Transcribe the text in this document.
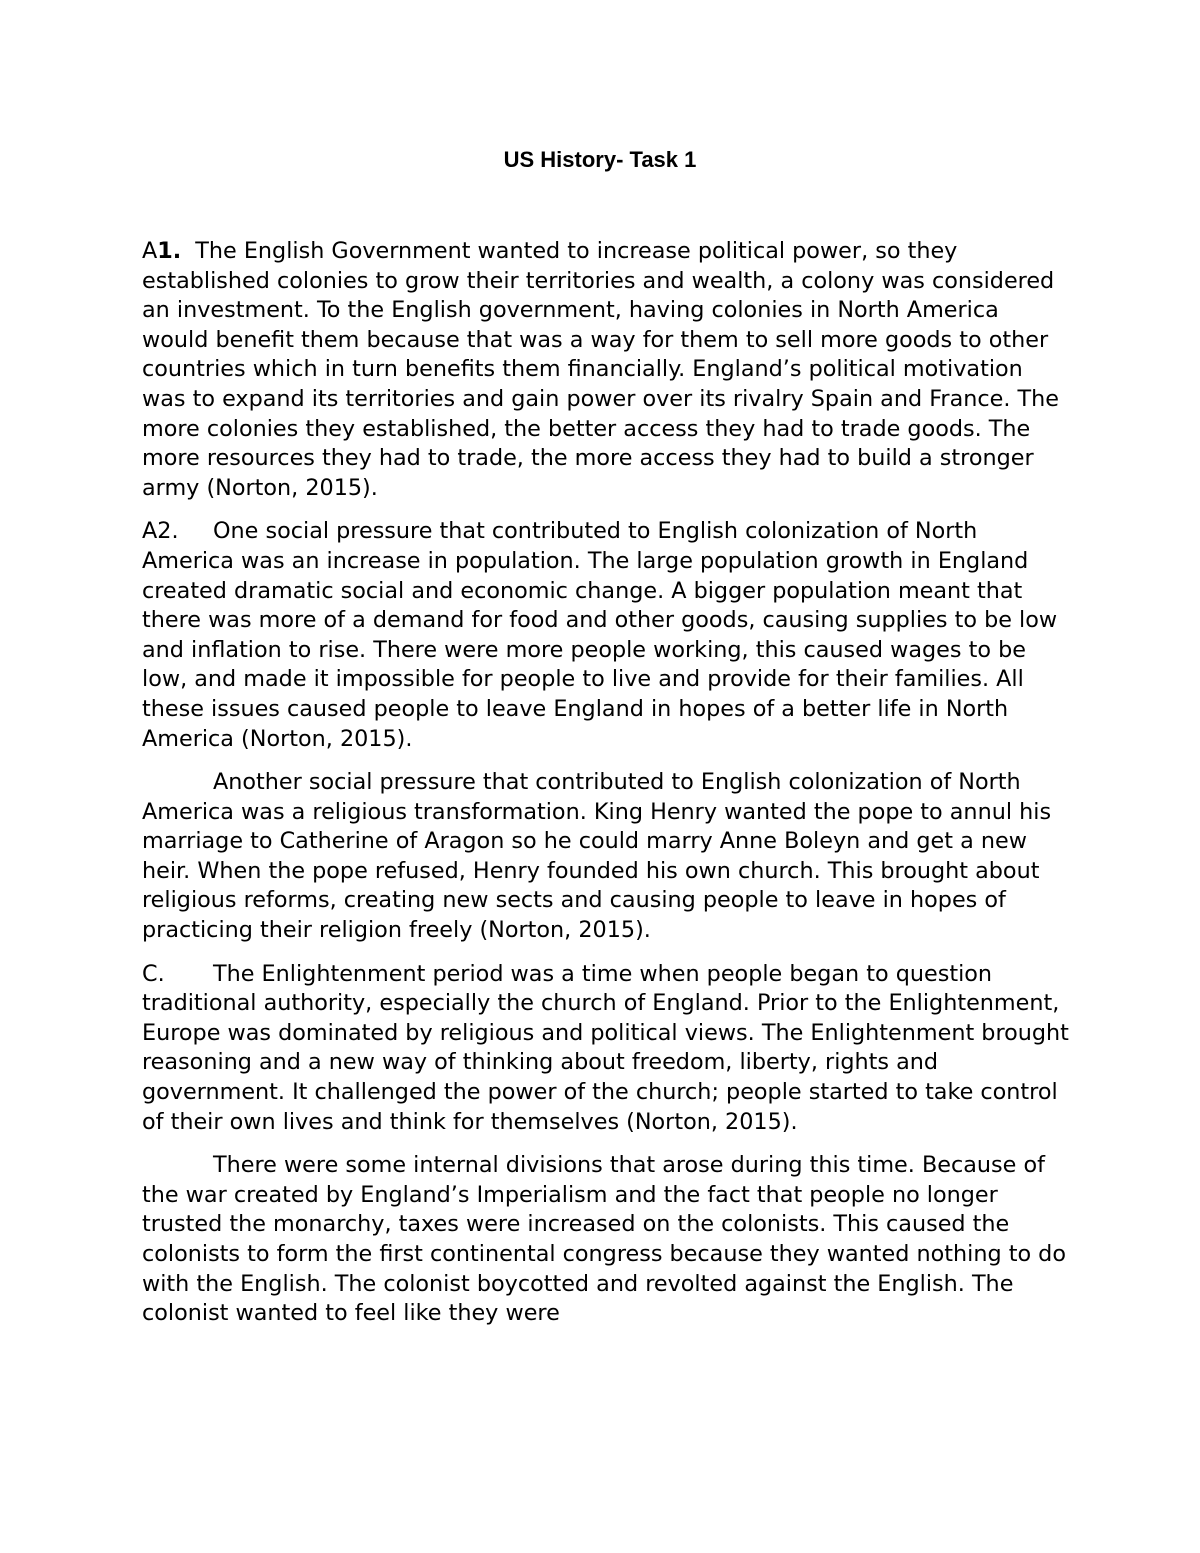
US History- Task 1

A1. The English Government wanted to increase political power, so they established colonies to grow their territories and wealth, a colony was considered an investment. To the English government, having colonies in North America would benefit them because that was a way for them to sell more goods to other countries which in turn benefits them financially. England’s political motivation was to expand its territories and gain power over its rivalry Spain and France. The more colonies they established, the better access they had to trade goods. The more resources they had to trade, the more access they had to build a stronger army (Norton, 2015).

A2. One social pressure that contributed to English colonization of North America was an increase in population. The large population growth in England created dramatic social and economic change. A bigger population meant that there was more of a demand for food and other goods, causing supplies to be low and inflation to rise. There were more people working, this caused wages to be low, and made it impossible for people to live and provide for their families. All these issues caused people to leave England in hopes of a better life in North America (Norton, 2015).

Another social pressure that contributed to English colonization of North America was a religious transformation. King Henry wanted the pope to annul his marriage to Catherine of Aragon so he could marry Anne Boleyn and get a new heir. When the pope refused, Henry founded his own church. This brought about religious reforms, creating new sects and causing people to leave in hopes of practicing their religion freely (Norton, 2015).

C. The Enlightenment period was a time when people began to question traditional authority, especially the church of England. Prior to the Enlightenment, Europe was dominated by religious and political views. The Enlightenment brought reasoning and a new way of thinking about freedom, liberty, rights and government. It challenged the power of the church; people started to take control of their own lives and think for themselves (Norton, 2015).

There were some internal divisions that arose during this time. Because of the war created by England’s Imperialism and the fact that people no longer trusted the monarchy, taxes were increased on the colonists. This caused the colonists to form the first continental congress because they wanted nothing to do with the English. The colonist boycotted and revolted against the English. The colonist wanted to feel like they were
